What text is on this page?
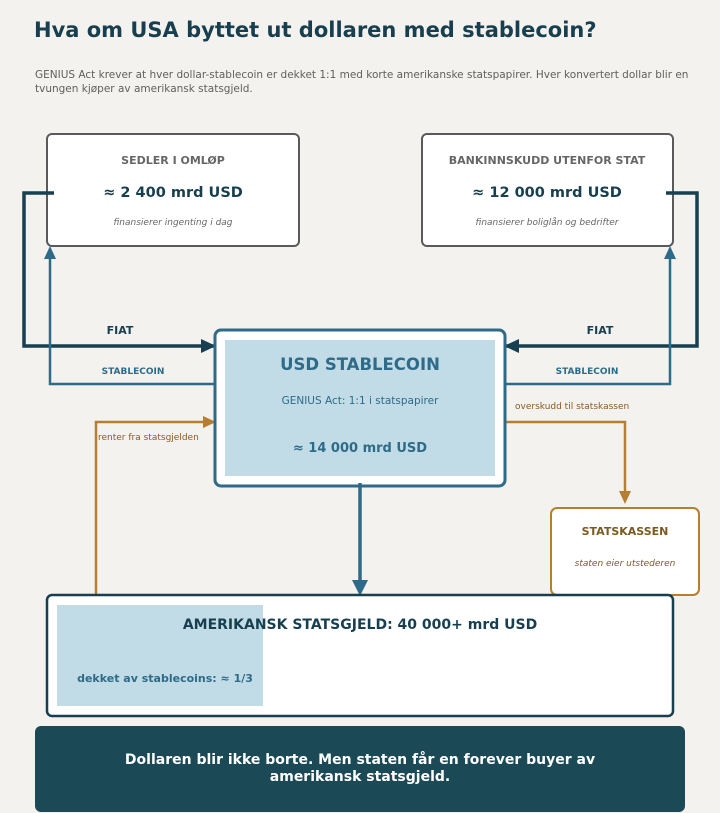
Hva om USA byttet ut dollaren med stablecoin?
GENIUS Act krever at hver dollar-stablecoin er dekket 1:1 med korte amerikanske statspapirer. Hver konvertert dollar blir en tvungen kjøper av amerikansk statsgjeld.
SEDLER I OMLØP
≈ 2 400 mrd USD
finansierer ingenting i dag
BANKINNSKUDD UTENFOR STAT
≈ 12 000 mrd USD
finansierer boliglån og bedrifter
FIAT	FIAT
STABLECOIN	STABLECOIN
renter fra statsgjelden
overskudd til statskassen
USD STABLECOIN
GENIUS Act: 1:1 i statspapirer
≈ 14 000 mrd USD
STATSKASSEN
staten eier utstederen
AMERIKANSK STATSGJELD: 40 000+ mrd USD
dekket av stablecoins: ≈ 1/3
Dollaren blir ikke borte. Men staten får en forever buyer av amerikansk statsgjeld.
